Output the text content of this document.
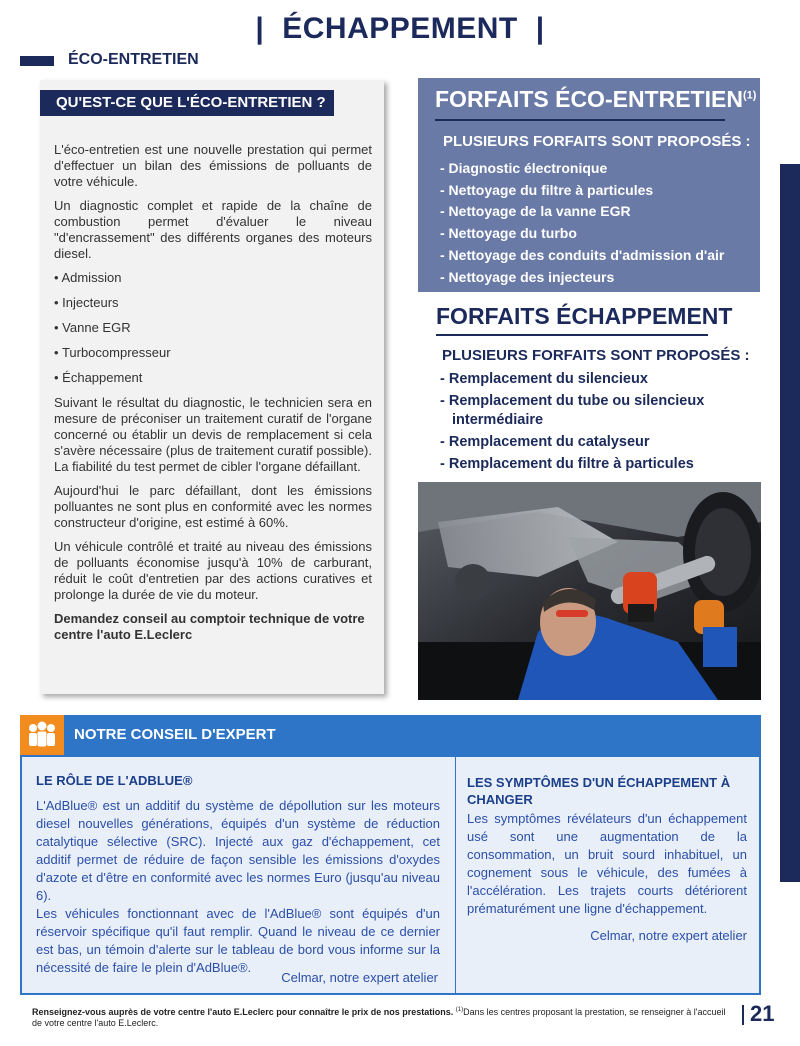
| ÉCHAPPEMENT |
ÉCO-ENTRETIEN
QU'EST-CE QUE L'ÉCO-ENTRETIEN ?

L'éco-entretien est une nouvelle prestation qui permet d'effectuer un bilan des émissions de polluants de votre véhicule.

Un diagnostic complet et rapide de la chaîne de combustion permet d'évaluer le niveau "d'encrassement" des différents organes des moteurs diesel.

• Admission
• Injecteurs
• Vanne EGR
• Turbocompresseur
• Échappement

Suivant le résultat du diagnostic, le technicien sera en mesure de préconiser un traitement curatif de l'organe concerné ou établir un devis de remplacement si cela s'avère nécessaire (plus de traitement curatif possible). La fiabilité du test permet de cibler l'organe défaillant.

Aujourd'hui le parc défaillant, dont les émissions polluantes ne sont plus en conformité avec les normes constructeur d'origine, est estimé à 60%.

Un véhicule contrôlé et traité au niveau des émissions de polluants économise jusqu'à 10% de carburant, réduit le coût d'entretien par des actions curatives et prolonge la durée de vie du moteur.

Demandez conseil au comptoir technique de votre centre l'auto E.Leclerc

FORFAITS ÉCO-ENTRETIEN$^{(1)}$
PLUSIEURS FORFAITS SONT PROPOSÉS :
- Diagnostic électronique
- Nettoyage du filtre à particules
- Nettoyage de la vanne EGR
- Nettoyage du turbo
- Nettoyage des conduits d'admission d'air
- Nettoyage des injecteurs
FORFAITS ÉCHAPPEMENT
PLUSIEURS FORFAITS SONT PROPOSÉS :
- Remplacement du silencieux
- Remplacement du tube ou silencieux intermédiaire
- Remplacement du catalyseur
- Remplacement du filtre à particules
NOTRE CONSEIL D'EXPERT
LE RÔLE DE L'ADBLUE®
L'AdBlue® est un additif du système de dépollution sur les moteurs diesel nouvelles générations, équipés d'un système de réduction catalytique sélective (SRC). Injecté aux gaz d'échappement, cet additif permet de réduire de façon sensible les émissions d'oxydes d'azote et d'être en conformité avec les normes Euro (jusqu'au niveau 6).
Les véhicules fonctionnant avec de l'AdBlue® sont équipés d'un réservoir spécifique qu'il faut remplir. Quand le niveau de ce dernier est bas, un témoin d'alerte sur le tableau de bord vous informe sur la nécessité de faire le plein d'AdBlue®.
Celmar, notre expert atelier
LES SYMPTÔMES D'UN ÉCHAPPEMENT À CHANGER
Les symptômes révélateurs d'un échappement usé sont une augmentation de la consommation, un bruit sourd inhabituel, un cognement sous le véhicule, des fumées à l'accélération. Les trajets courts détériorent prématurément une ligne d'échappement.
Celmar, notre expert atelier
Renseignez-vous auprès de votre centre l'auto E.Leclerc pour connaître le prix de nos prestations. $^{(1)}$Dans les centres proposant la prestation, se renseigner à l'accueil de votre centre l'auto E.Leclerc.	21
